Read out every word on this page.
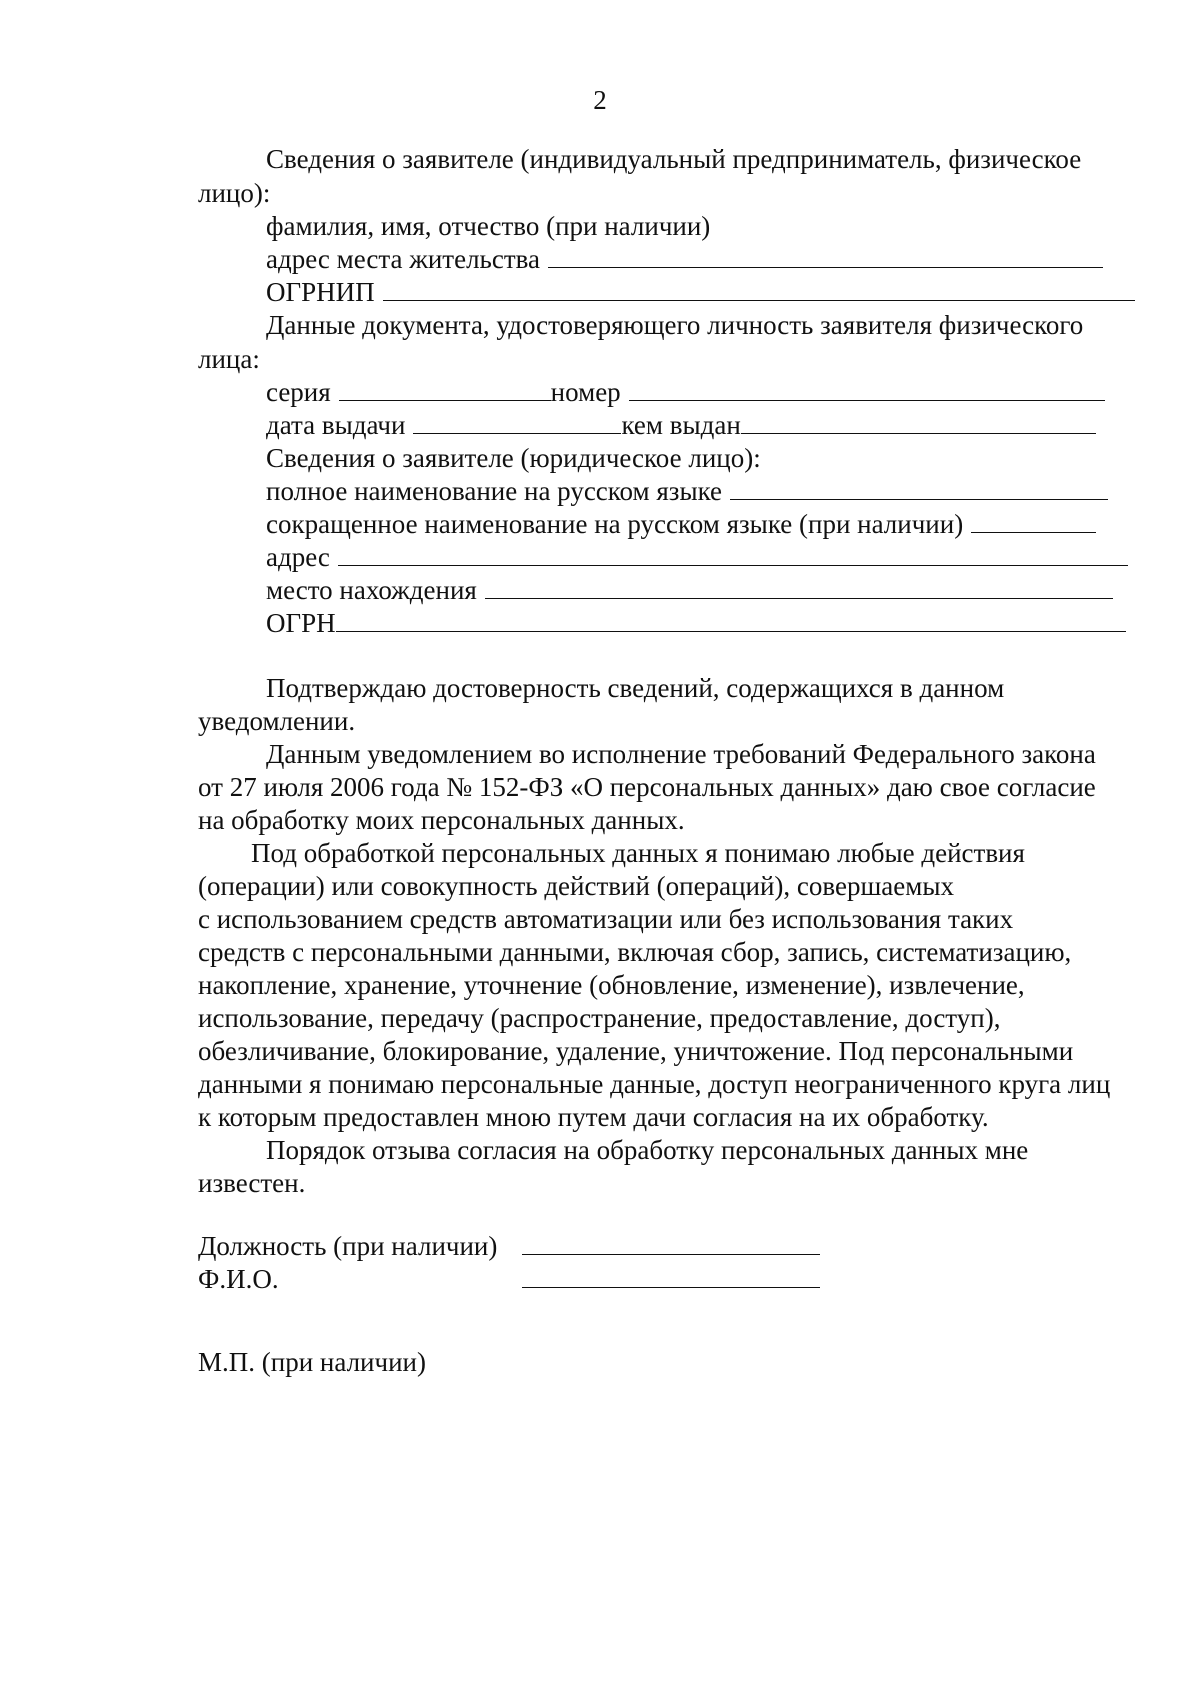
2
Сведения о заявителе (индивидуальный предприниматель, физическое
лицо):
фамилия, имя, отчество (при наличии)
адрес места жительства
ОГРНИП
Данные документа, удостоверяющего личность заявителя физического
лица:
серия	номер
дата выдачи	кем выдан
Сведения о заявителе (юридическое лицо):
полное наименование на русском языке
сокращенное наименование на русском языке (при наличии)
адрес
место нахождения
ОГРН
Подтверждаю достоверность сведений, содержащихся в данном
уведомлении.
Данным уведомлением во исполнение требований Федерального закона
от 27 июля 2006 года № 152-ФЗ «О персональных данных» даю свое согласие
на обработку моих персональных данных.
Под обработкой персональных данных я понимаю любые действия
(операции) или совокупность действий (операций), совершаемых
с использованием средств автоматизации или без использования таких
средств с персональными данными, включая сбор, запись, систематизацию,
накопление, хранение, уточнение (обновление, изменение), извлечение,
использование, передачу (распространение, предоставление, доступ),
обезличивание, блокирование, удаление, уничтожение. Под персональными
данными я понимаю персональные данные, доступ неограниченного круга лиц
к которым предоставлен мною путем дачи согласия на их обработку.
Порядок отзыва согласия на обработку персональных данных мне
известен.
Должность (при наличии)
Ф.И.О.
М.П. (при наличии)
